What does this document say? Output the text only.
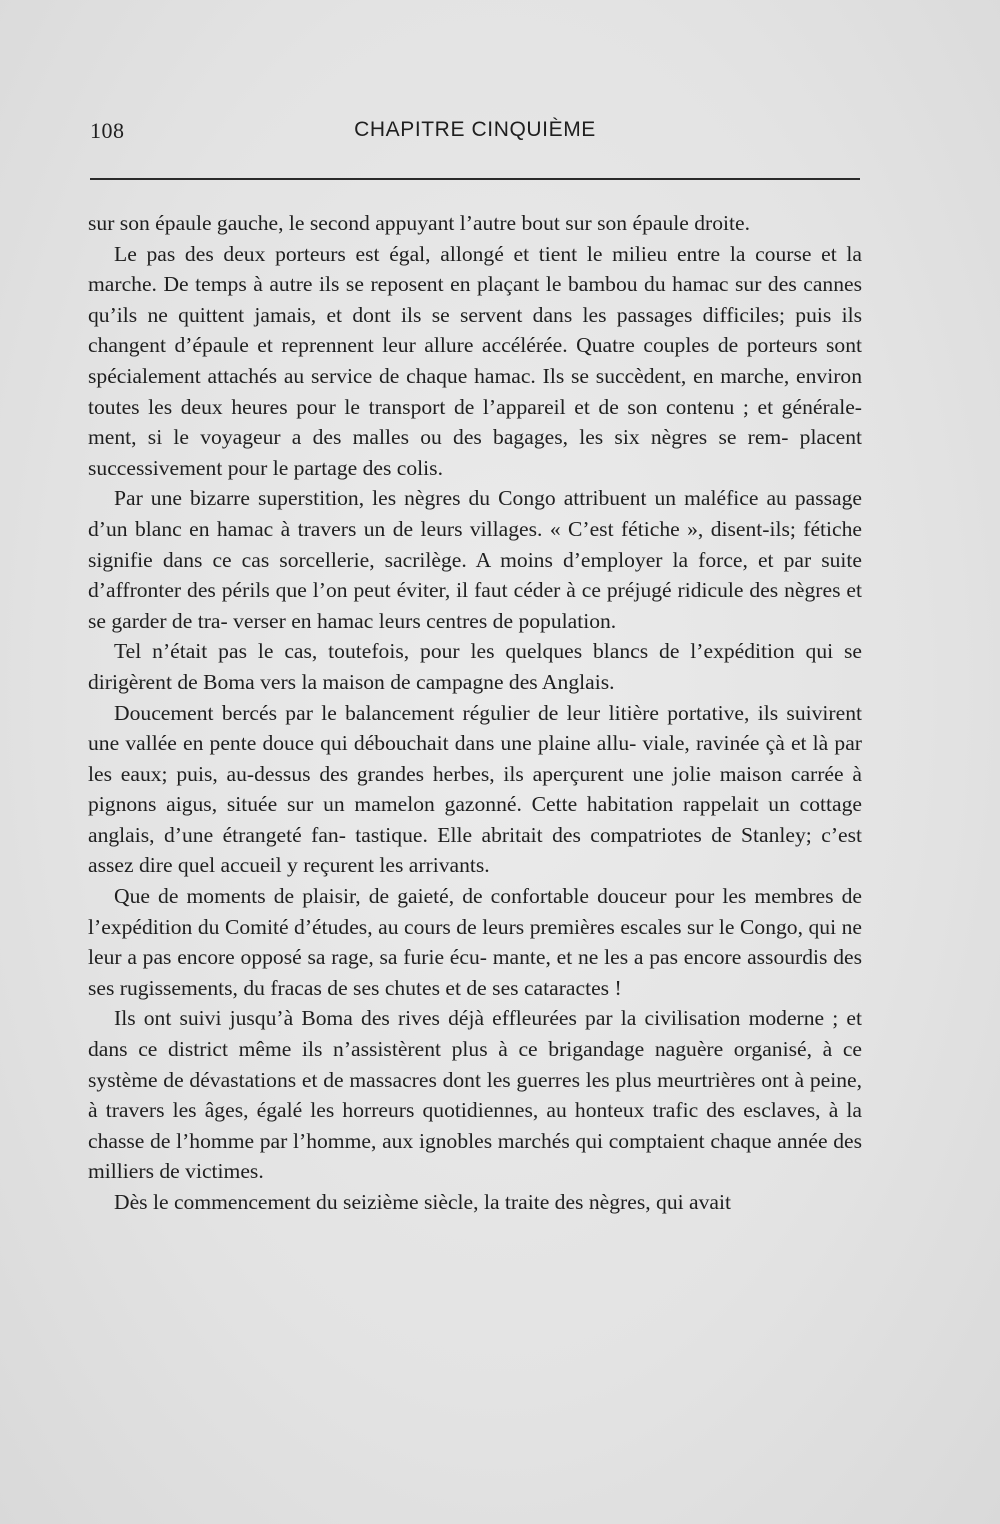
108	CHAPITRE CINQUIÈME

sur son épaule gauche, le second appuyant l’autre bout sur son épaule droite.

Le pas des deux porteurs est égal, allongé et tient le milieu entre la course et la marche. De temps à autre ils se reposent en plaçant le bambou du hamac sur des cannes qu’ils ne quittent jamais, et dont ils se servent dans les passages difficiles; puis ils changent d’épaule et reprennent leur allure accélérée. Quatre couples de porteurs sont spécialement attachés au service de chaque hamac. Ils se succèdent, en marche, environ toutes les deux heures pour le transport de l’appareil et de son contenu ; et générale- ment, si le voyageur a des malles ou des bagages, les six nègres se rem- placent successivement pour le partage des colis.

Par une bizarre superstition, les nègres du Congo attribuent un maléfice au passage d’un blanc en hamac à travers un de leurs villages. « C’est fétiche », disent-ils; fétiche signifie dans ce cas sorcellerie, sacrilège. A moins d’employer la force, et par suite d’affronter des périls que l’on peut éviter, il faut céder à ce préjugé ridicule des nègres et se garder de tra- verser en hamac leurs centres de population.

Tel n’était pas le cas, toutefois, pour les quelques blancs de l’expédition qui se dirigèrent de Boma vers la maison de campagne des Anglais.

Doucement bercés par le balancement régulier de leur litière portative, ils suivirent une vallée en pente douce qui débouchait dans une plaine allu- viale, ravinée çà et là par les eaux; puis, au-dessus des grandes herbes, ils aperçurent une jolie maison carrée à pignons aigus, située sur un mamelon gazonné. Cette habitation rappelait un cottage anglais, d’une étrangeté fan- tastique. Elle abritait des compatriotes de Stanley; c’est assez dire quel accueil y reçurent les arrivants.

Que de moments de plaisir, de gaieté, de confortable douceur pour les membres de l’expédition du Comité d’études, au cours de leurs premières escales sur le Congo, qui ne leur a pas encore opposé sa rage, sa furie écu- mante, et ne les a pas encore assourdis des ses rugissements, du fracas de ses chutes et de ses cataractes !

Ils ont suivi jusqu’à Boma des rives déjà effleurées par la civilisation moderne ; et dans ce district même ils n’assistèrent plus à ce brigandage naguère organisé, à ce système de dévastations et de massacres dont les guerres les plus meurtrières ont à peine, à travers les âges, égalé les horreurs quotidiennes, au honteux trafic des esclaves, à la chasse de l’homme par l’homme, aux ignobles marchés qui comptaient chaque année des milliers de victimes.

Dès le commencement du seizième siècle, la traite des nègres, qui avait
